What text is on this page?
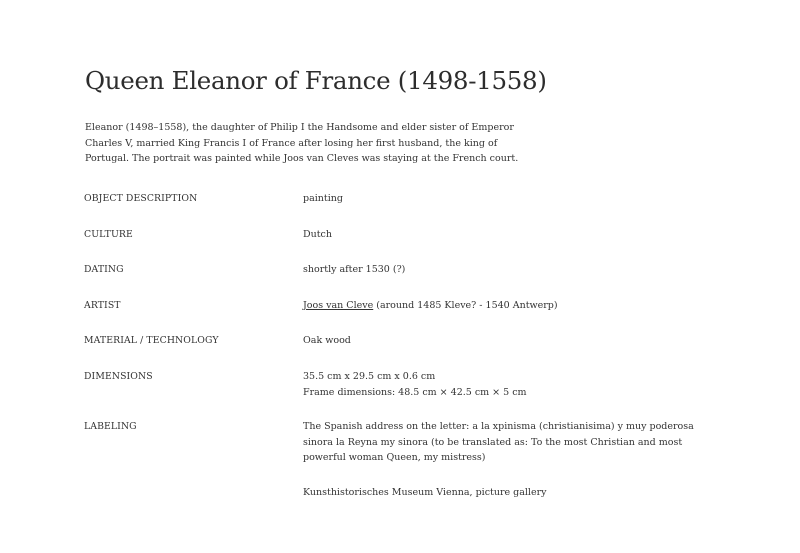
Queen Eleanor of France (1498-1558)

Eleanor (1498–1558), the daughter of Philip I the Handsome and elder sister of Emperor Charles V, married King Francis I of France after losing her first husband, the king of Portugal. The portrait was painted while Joos van Cleves was staying at the French court.

OBJECT DESCRIPTION	painting
CULTURE	Dutch
DATING	shortly after 1530 (?)
ARTIST	Joos van Cleve (around 1485 Kleve? - 1540 Antwerp)
MATERIAL / TECHNOLOGY	Oak wood
DIMENSIONS	35.5 cm x 29.5 cm x 0.6 cm
Frame dimensions: 48.5 cm × 42.5 cm × 5 cm
LABELING	The Spanish address on the letter: a la xpinisma (christianisima) y muy poderosa sinora la Reyna my sinora (to be translated as: To the most Christian and most powerful woman Queen, my mistress)
Kunsthistorisches Museum Vienna, picture gallery
